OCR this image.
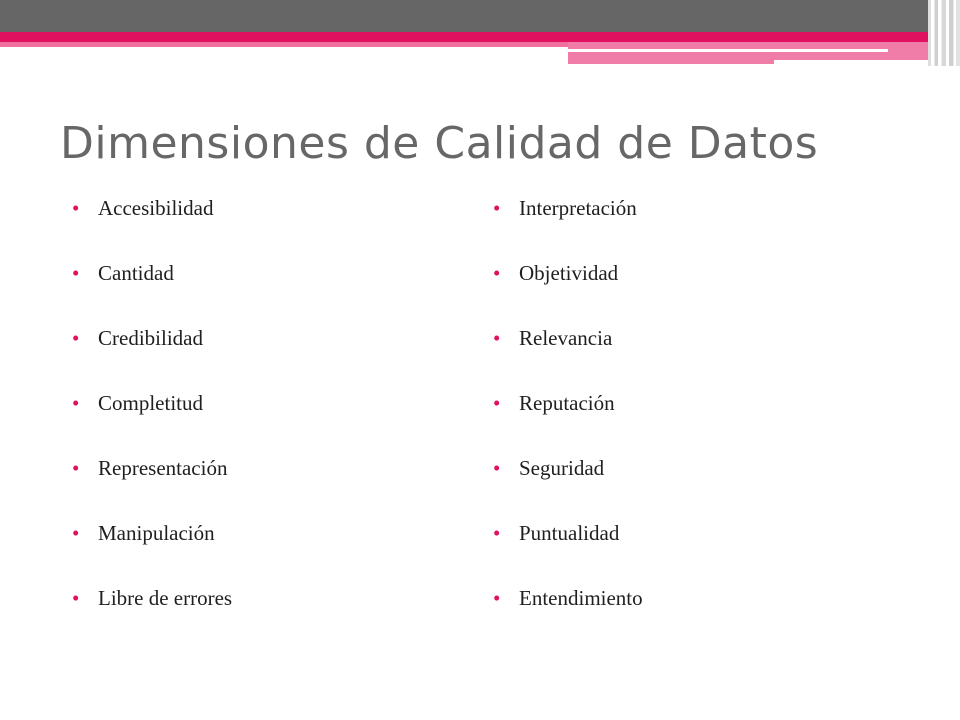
Dimensiones de Calidad de Datos
• Accesibilidad
• Cantidad
• Credibilidad
• Completitud
• Representación
• Manipulación
• Libre de errores
• Interpretación
• Objetividad
• Relevancia
• Reputación
• Seguridad
• Puntualidad
• Entendimiento
